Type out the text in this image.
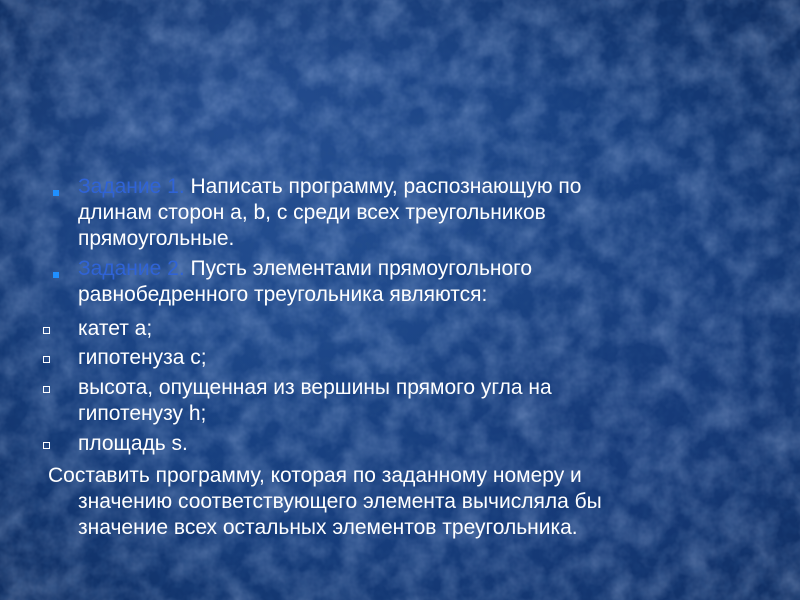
Задание 1. Написать программу, распознающую по
длинам сторон a, b, c среди всех треугольников
прямоугольные.
Задание 2. Пусть элементами прямоугольного
равнобедренного треугольника являются:
катет a;
гипотенуза c;
высота, опущенная из вершины прямого угла на
гипотенузу h;
площадь s.
Составить программу, которая по заданному номеру и
значению соответствующего элемента вычисляла бы
значение всех остальных элементов треугольника.
